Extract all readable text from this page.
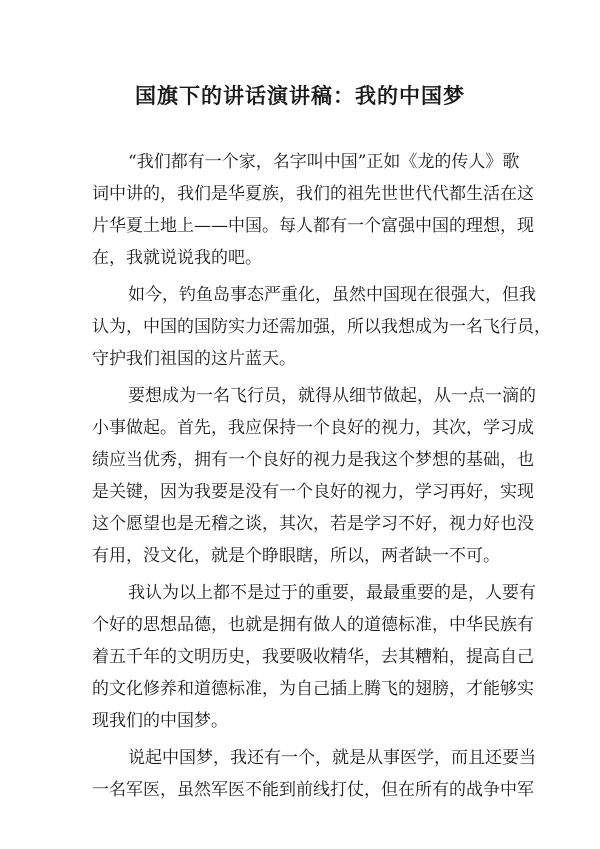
国旗下的讲话演讲稿：我的中国梦
“我们都有一个家，名字叫中国”正如《龙的传人》歌
词中讲的，我们是华夏族，我们的祖先世世代代都生活在这
片华夏土地上——中国。每人都有一个富强中国的理想，现
在，我就说说我的吧。
如今，钓鱼岛事态严重化，虽然中国现在很强大，但我
认为，中国的国防实力还需加强，所以我想成为一名飞行员，
守护我们祖国的这片蓝天。
要想成为一名飞行员，就得从细节做起，从一点一滴的
小事做起。首先，我应保持一个良好的视力，其次，学习成
绩应当优秀，拥有一个良好的视力是我这个梦想的基础，也
是关键，因为我要是没有一个良好的视力，学习再好，实现
这个愿望也是无稽之谈，其次，若是学习不好，视力好也没
有用，没文化，就是个睁眼瞎，所以，两者缺一不可。
我认为以上都不是过于的重要，最最重要的是，人要有
个好的思想品德，也就是拥有做人的道德标准，中华民族有
着五千年的文明历史，我要吸收精华，去其糟粕，提高自己
的文化修养和道德标准，为自己插上腾飞的翅膀，才能够实
现我们的中国梦。
说起中国梦，我还有一个，就是从事医学，而且还要当
一名军医，虽然军医不能到前线打仗，但在所有的战争中军
